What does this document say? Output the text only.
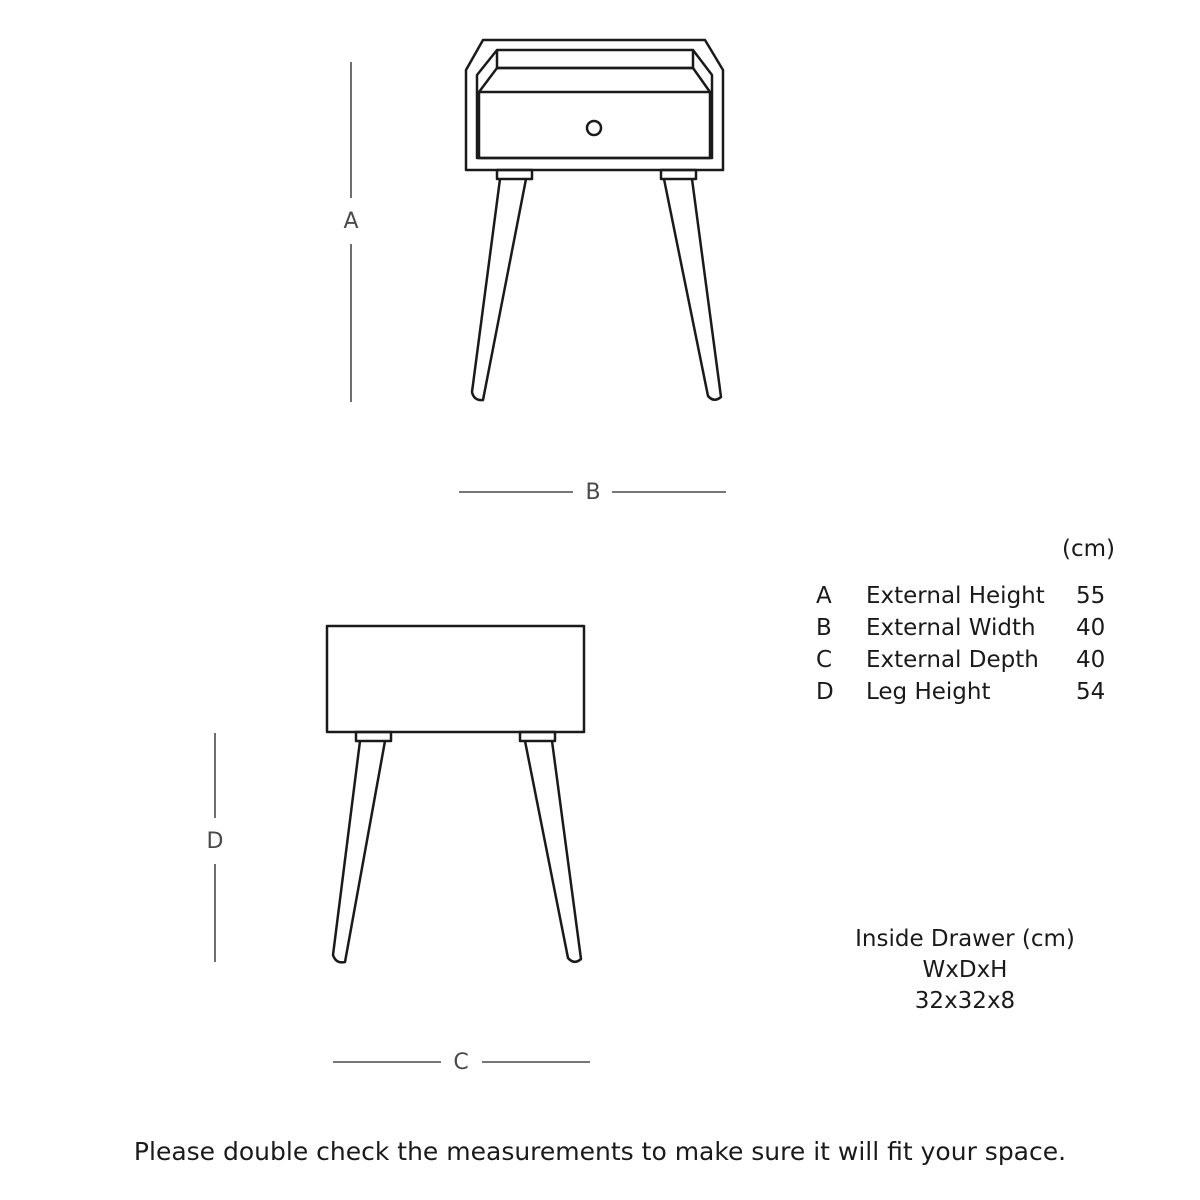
A
B
D
C
(cm)
A External Height 55
B External Width 40
C External Depth 40
D Leg Height	54
Inside Drawer (cm)
WxDxH
32x32x8
Please double check the measurements to make sure it will fit your space.
